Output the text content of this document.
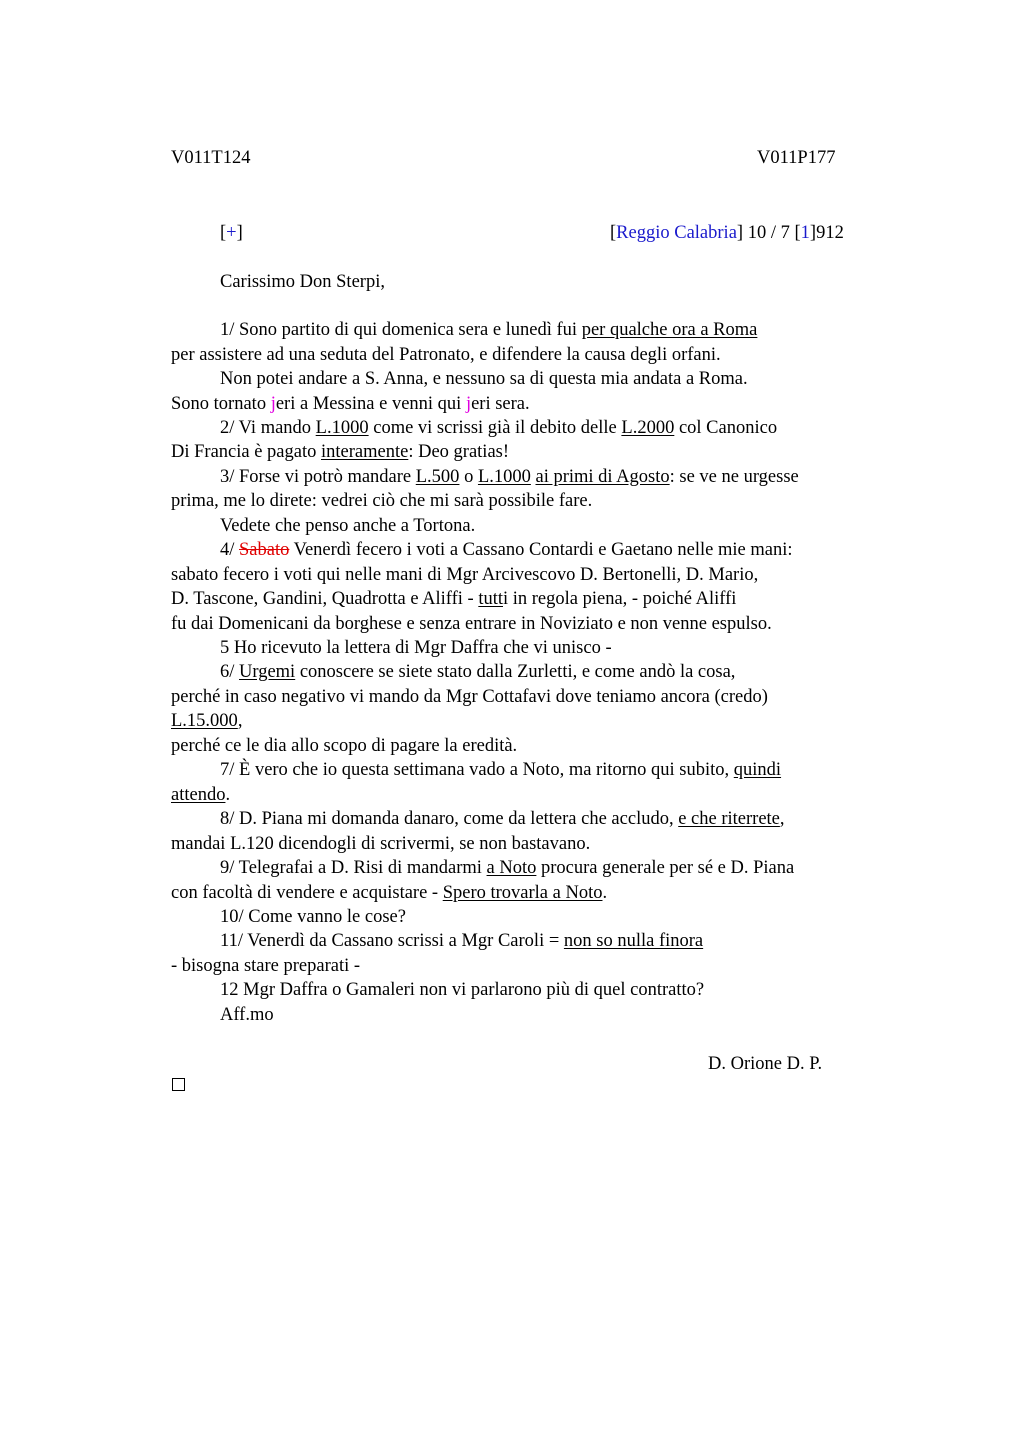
V011T124	V011P177
[+]	[Reggio Calabria] 10 / 7 [1]912
Carissimo Don Sterpi,
1/ Sono partito di qui domenica sera e lunedì fui per qualche ora a Roma
per assistere ad una seduta del Patronato, e difendere la causa degli orfani.
Non potei andare a S. Anna, e nessuno sa di questa mia andata a Roma.
Sono tornato jeri a Messina e venni qui jeri sera.
2/ Vi mando L.1000 come vi scrissi già il debito delle L.2000 col Canonico
Di Francia è pagato interamente: Deo gratias!
3/ Forse vi potrò mandare L.500 o L.1000 ai primi di Agosto: se ve ne urgesse
prima, me lo direte: vedrei ciò che mi sarà possibile fare.
Vedete che penso anche a Tortona.
4/ Sabato Venerdì fecero i voti a Cassano Contardi e Gaetano nelle mie mani:
sabato fecero i voti qui nelle mani di Mgr Arcivescovo D. Bertonelli, D. Mario,
D. Tascone, Gandini, Quadrotta e Aliffi - tutti in regola piena, - poiché Aliffi
fu dai Domenicani da borghese e senza entrare in Noviziato e non venne espulso.
5 Ho ricevuto la lettera di Mgr Daffra che vi unisco -
6/ Urgemi conoscere se siete stato dalla Zurletti, e come andò la cosa,
perché in caso negativo vi mando da Mgr Cottafavi dove teniamo ancora (credo)
L.15.000,
perché ce le dia allo scopo di pagare la eredità.
7/ È vero che io questa settimana vado a Noto, ma ritorno qui subito, quindi
attendo.
8/ D. Piana mi domanda danaro, come da lettera che accludo, e che riterrete,
mandai L.120 dicendogli di scrivermi, se non bastavano.
9/ Telegrafai a D. Risi di mandarmi a Noto procura generale per sé e D. Piana
con facoltà di vendere e acquistare - Spero trovarla a Noto.
10/ Come vanno le cose?
11/ Venerdì da Cassano scrissi a Mgr Caroli = non so nulla finora
- bisogna stare preparati -
12 Mgr Daffra o Gamaleri non vi parlarono più di quel contratto?
Aff.mo
D. Orione D. P.
